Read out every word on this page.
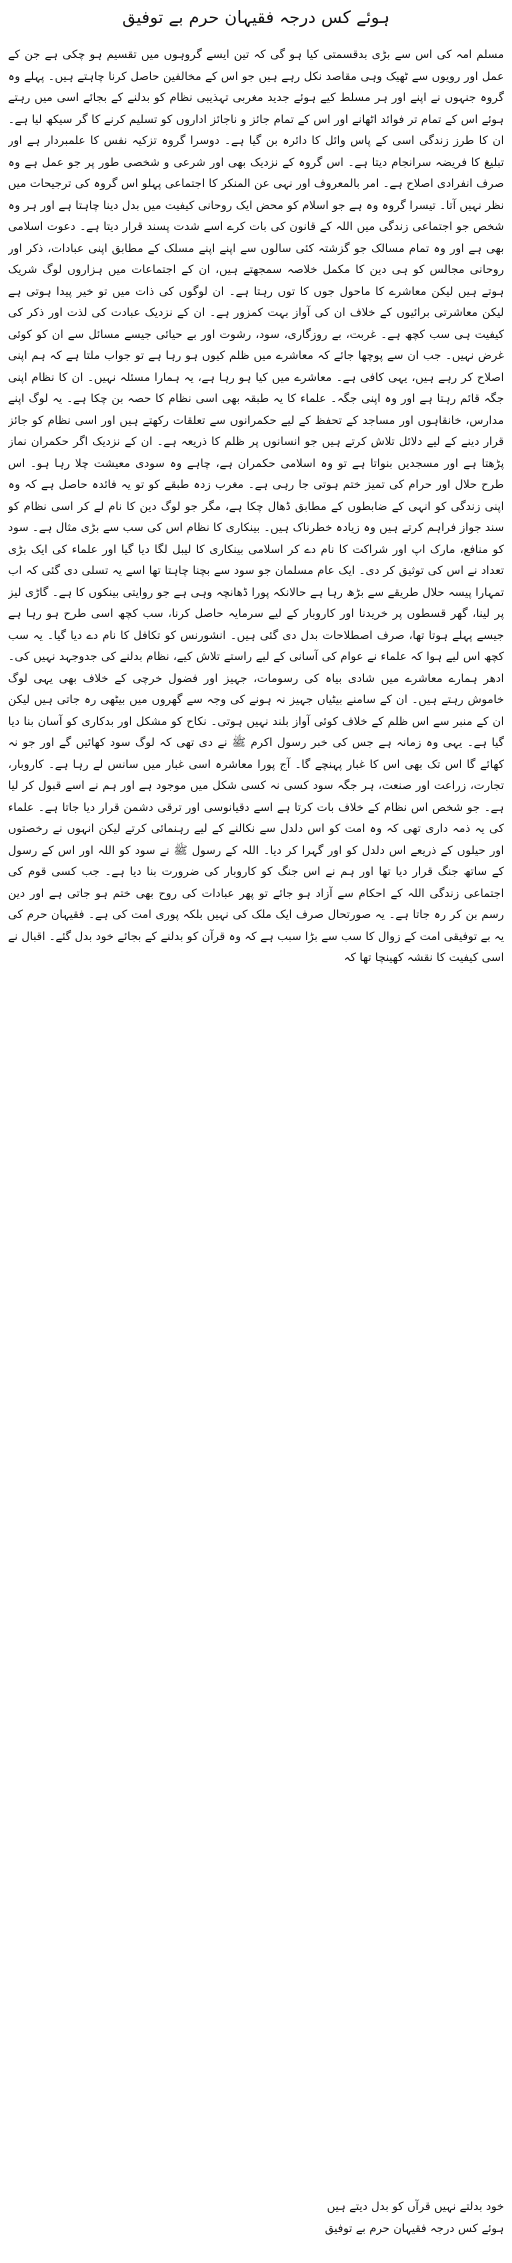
ہوئے کس درجہ فقیہان حرم بے توفیق

مسلم امہ کی اس سے بڑی بدقسمتی کیا ہو گی کہ تین ایسے گروہوں میں تقسیم ہو چکی ہے جن کے عمل اور رویوں سے ٹھیک وہی مقاصد نکل رہے ہیں جو اس کے مخالفین حاصل کرنا چاہتے ہیں۔ پہلے وہ گروہ جنہوں نے اپنے اور ہر مسلط کیے ہوئے جدید مغربی تہذیبی نظام کو بدلنے کے بجائے اسی میں رہتے ہوئے اس کے تمام تر فوائد اٹھانے اور اس کے تمام جائز و ناجائز اداروں کو تسلیم کرنے کا گر سیکھ لیا ہے۔ ان کا طرز زندگی اسی کے پاس وائل کا دائرہ بن گیا ہے۔ دوسرا گروہ تزکیہ نفس کا علمبردار ہے اور تبلیغ کا فریضہ سرانجام دیتا ہے۔ اس گروہ کے نزدیک بھی اور شرعی و شخصی طور پر جو عمل ہے وہ صرف انفرادی اصلاح ہے۔ امر بالمعروف اور نہی عن المنکر کا اجتماعی پہلو اس گروہ کی ترجیحات میں نظر نہیں آتا۔ تیسرا گروہ وہ ہے جو اسلام کو محض ایک روحانی کیفیت میں بدل دینا چاہتا ہے اور ہر وہ شخص جو اجتماعی زندگی میں اللہ کے قانون کی بات کرے اسے شدت پسند قرار دیتا ہے۔ دعوت اسلامی بھی ہے اور وہ تمام مسالک جو گزشتہ کئی سالوں سے اپنے اپنے مسلک کے مطابق اپنی عبادات، ذکر اور روحانی مجالس کو ہی دین کا مکمل خلاصہ سمجھتے ہیں، ان کے اجتماعات میں ہزاروں لوگ شریک ہوتے ہیں لیکن معاشرے کا ماحول جوں کا توں رہتا ہے۔ ان لوگوں کی ذات میں تو خیر پیدا ہوتی ہے لیکن معاشرتی برائیوں کے خلاف ان کی آواز بہت کمزور ہے۔ ان کے نزدیک عبادت کی لذت اور ذکر کی کیفیت ہی سب کچھ ہے۔ غربت، بے روزگاری، سود، رشوت اور بے حیائی جیسے مسائل سے ان کو کوئی غرض نہیں۔ جب ان سے پوچھا جائے کہ معاشرے میں ظلم کیوں ہو رہا ہے تو جواب ملتا ہے کہ ہم اپنی اصلاح کر رہے ہیں، یہی کافی ہے۔ معاشرے میں کیا ہو رہا ہے، یہ ہمارا مسئلہ نہیں۔ ان کا نظام اپنی جگہ قائم رہتا ہے اور وہ اپنی جگہ۔ علماء کا یہ طبقہ بھی اسی نظام کا حصہ بن چکا ہے۔ یہ لوگ اپنے مدارس، خانقاہوں اور مساجد کے تحفظ کے لیے حکمرانوں سے تعلقات رکھتے ہیں اور اسی نظام کو جائز قرار دینے کے لیے دلائل تلاش کرتے ہیں جو انسانوں پر ظلم کا ذریعہ ہے۔ ان کے نزدیک اگر حکمران نماز پڑھتا ہے اور مسجدیں بنواتا ہے تو وہ اسلامی حکمران ہے، چاہے وہ سودی معیشت چلا رہا ہو۔ اس طرح حلال اور حرام کی تمیز ختم ہوتی جا رہی ہے۔ مغرب زدہ طبقے کو تو یہ فائدہ حاصل ہے کہ وہ اپنی زندگی کو انہی کے ضابطوں کے مطابق ڈھال چکا ہے، مگر جو لوگ دین کا نام لے کر اسی نظام کو سند جواز فراہم کرتے ہیں وہ زیادہ خطرناک ہیں۔ بینکاری کا نظام اس کی سب سے بڑی مثال ہے۔ سود کو منافع، مارک اپ اور شراکت کا نام دے کر اسلامی بینکاری کا لیبل لگا دیا گیا اور علماء کی ایک بڑی تعداد نے اس کی توثیق کر دی۔ ایک عام مسلمان جو سود سے بچنا چاہتا تھا اسے یہ تسلی دی گئی کہ اب تمہارا پیسہ حلال طریقے سے بڑھ رہا ہے حالانکہ پورا ڈھانچہ وہی ہے جو روایتی بینکوں کا ہے۔ گاڑی لیز پر لینا، گھر قسطوں پر خریدنا اور کاروبار کے لیے سرمایہ حاصل کرنا، سب کچھ اسی طرح ہو رہا ہے جیسے پہلے ہوتا تھا، صرف اصطلاحات بدل دی گئی ہیں۔ انشورنس کو تکافل کا نام دے دیا گیا۔ یہ سب کچھ اس لیے ہوا کہ علماء نے عوام کی آسانی کے لیے راستے تلاش کیے، نظام بدلنے کی جدوجہد نہیں کی۔ ادھر ہمارے معاشرے میں شادی بیاہ کی رسومات، جہیز اور فضول خرچی کے خلاف بھی یہی لوگ خاموش رہتے ہیں۔ ان کے سامنے بیٹیاں جہیز نہ ہونے کی وجہ سے گھروں میں بیٹھی رہ جاتی ہیں لیکن ان کے منبر سے اس ظلم کے خلاف کوئی آواز بلند نہیں ہوتی۔ نکاح کو مشکل اور بدکاری کو آسان بنا دیا گیا ہے۔ یہی وہ زمانہ ہے جس کی خبر رسول اکرم ﷺ نے دی تھی کہ لوگ سود کھائیں گے اور جو نہ کھائے گا اس تک بھی اس کا غبار پہنچے گا۔ آج پورا معاشرہ اسی غبار میں سانس لے رہا ہے۔ کاروبار، تجارت، زراعت اور صنعت، ہر جگہ سود کسی نہ کسی شکل میں موجود ہے اور ہم نے اسے قبول کر لیا ہے۔ جو شخص اس نظام کے خلاف بات کرتا ہے اسے دقیانوسی اور ترقی دشمن قرار دیا جاتا ہے۔ علماء کی یہ ذمہ داری تھی کہ وہ امت کو اس دلدل سے نکالنے کے لیے رہنمائی کرتے لیکن انہوں نے رخصتوں اور حیلوں کے ذریعے اس دلدل کو اور گہرا کر دیا۔ اللہ کے رسول ﷺ نے سود کو اللہ اور اس کے رسول کے ساتھ جنگ قرار دیا تھا اور ہم نے اس جنگ کو کاروبار کی ضرورت بنا دیا ہے۔ جب کسی قوم کی اجتماعی زندگی اللہ کے احکام سے آزاد ہو جائے تو پھر عبادات کی روح بھی ختم ہو جاتی ہے اور دین رسم بن کر رہ جاتا ہے۔ یہ صورتحال صرف ایک ملک کی نہیں بلکہ پوری امت کی ہے۔ فقیہان حرم کی یہ بے توفیقی امت کے زوال کا سب سے بڑا سبب ہے کہ وہ قرآن کو بدلنے کے بجائے خود بدل گئے۔ اقبال نے اسی کیفیت کا نقشہ کھینچا تھا کہ

خود بدلتے نہیں قرآں کو بدل دیتے ہیں
ہوئے کس درجہ فقیہان حرم بے توفیق
